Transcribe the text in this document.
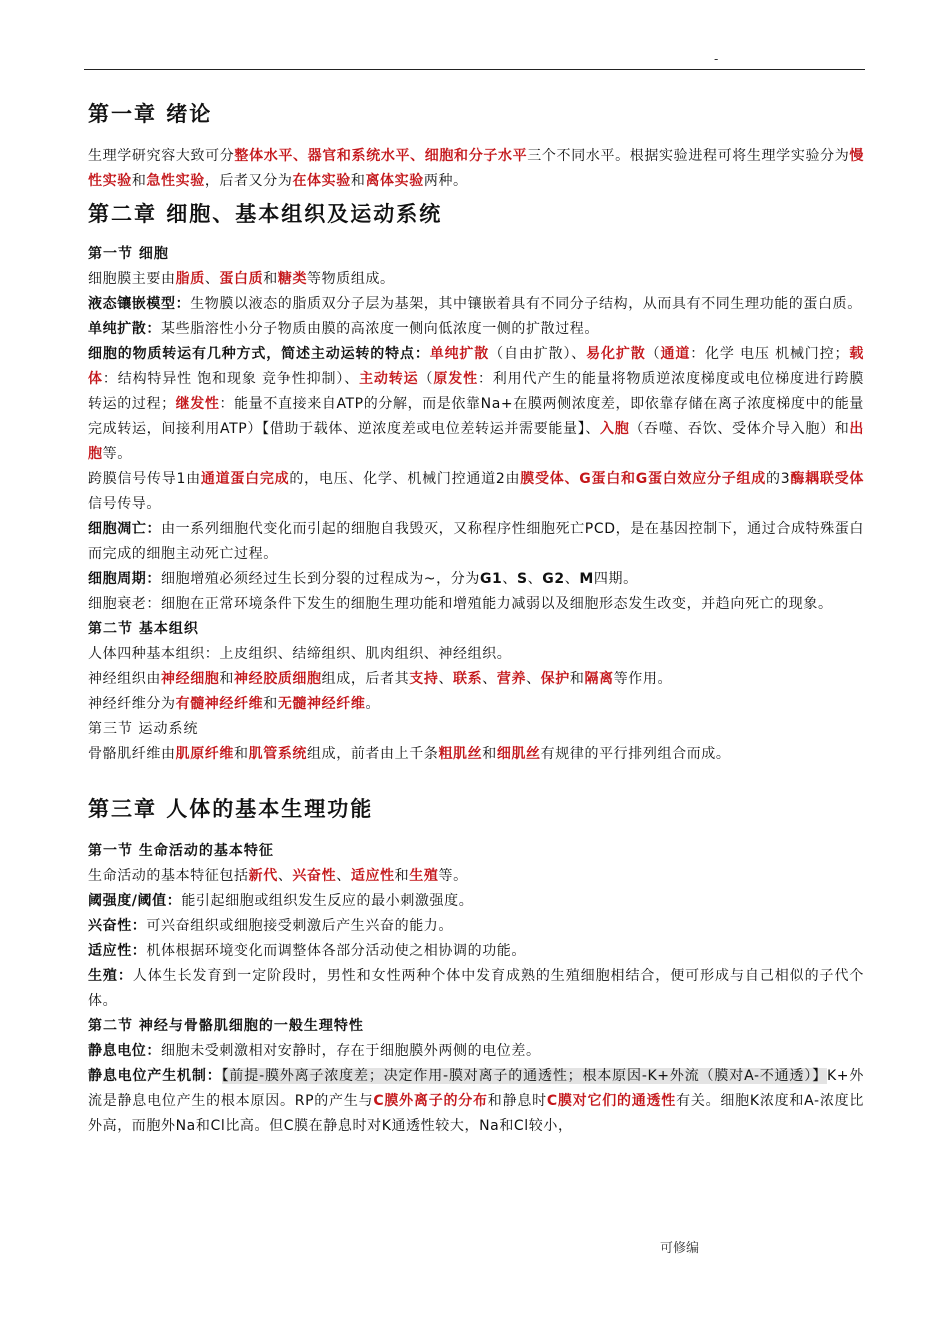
-
第一章 绪论

生理学研究容大致可分整体水平、器官和系统水平、细胞和分子水平三个不同水平。根据实验进程可将生理学实验分为慢性实验和急性实验，后者又分为在体实验和离体实验两种。

第二章 细胞、基本组织及运动系统
第一节 细胞

细胞膜主要由脂质、蛋白质和糖类等物质组成。

液态镶嵌模型：生物膜以液态的脂质双分子层为基架，其中镶嵌着具有不同分子结构，从而具有不同生理功能的蛋白质。

单纯扩散：某些脂溶性小分子物质由膜的高浓度一侧向低浓度一侧的扩散过程。

细胞的物质转运有几种方式，简述主动运转的特点：单纯扩散（自由扩散）、易化扩散（通道：化学 电压 机械门控；载体：结构特异性 饱和现象 竞争性抑制）、主动转运（原发性：利用代产生的能量将物质逆浓度梯度或电位梯度进行跨膜转运的过程；继发性：能量不直接来自ATP的分解，而是依靠Na+在膜两侧浓度差，即依靠存储在离子浓度梯度中的能量完成转运，间接利用ATP）【借助于载体、逆浓度差或电位差转运并需要能量】、入胞（吞噬、吞饮、受体介导入胞）和出胞等。

跨膜信号传导1由通道蛋白完成的，电压、化学、机械门控通道2由膜受体、G蛋白和G蛋白效应分子组成的3酶耦联受体信号传导。

细胞凋亡：由一系列细胞代变化而引起的细胞自我毁灭，又称程序性细胞死亡PCD，是在基因控制下，通过合成特殊蛋白而完成的细胞主动死亡过程。

细胞周期：细胞增殖必须经过生长到分裂的过程成为~，分为G1、S、G2、M四期。

细胞衰老：细胞在正常环境条件下发生的细胞生理功能和增殖能力减弱以及细胞形态发生改变，并趋向死亡的现象。

第二节 基本组织

人体四种基本组织：上皮组织、结缔组织、肌肉组织、神经组织。

神经组织由神经细胞和神经胶质细胞组成，后者其支持、联系、营养、保护和隔离等作用。

神经纤维分为有髓神经纤维和无髓神经纤维。

第三节 运动系统

骨骼肌纤维由肌原纤维和肌管系统组成，前者由上千条粗肌丝和细肌丝有规律的平行排列组合而成。

第三章 人体的基本生理功能
第一节 生命活动的基本特征

生命活动的基本特征包括新代、兴奋性、适应性和生殖等。

阈强度/阈值：能引起细胞或组织发生反应的最小刺激强度。

兴奋性：可兴奋组织或细胞接受刺激后产生兴奋的能力。

适应性：机体根据环境变化而调整体各部分活动使之相协调的功能。

生殖：人体生长发育到一定阶段时，男性和女性两种个体中发育成熟的生殖细胞相结合，便可形成与自己相似的子代个体。

第二节 神经与骨骼肌细胞的一般生理特性

静息电位：细胞未受刺激相对安静时，存在于细胞膜外两侧的电位差。

静息电位产生机制：【前提-膜外离子浓度差；决定作用-膜对离子的通透性；根本原因-K+外流（膜对A-不通透）】K+外流是静息电位产生的根本原因。RP的产生与C膜外离子的分布和静息时C膜对它们的通透性有关。细胞K浓度和A-浓度比外高，而胞外Na和Cl比高。但C膜在静息时对K通透性较大，Na和Cl较小，

可修编
